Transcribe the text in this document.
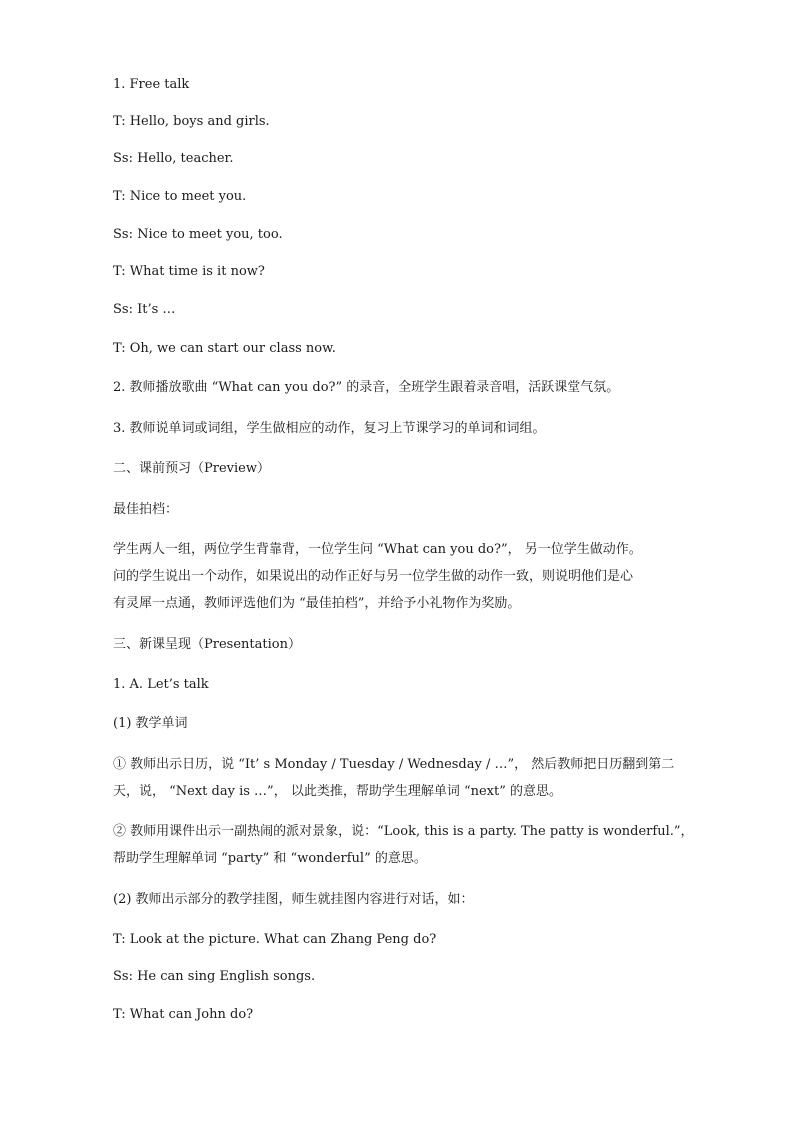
1. Free talk
T: Hello, boys and girls.
Ss: Hello, teacher.
T: Nice to meet you.
Ss: Nice to meet you, too.
T: What time is it now?
Ss: It’s …
T: Oh, we can start our class now.
2. 教师播放歌曲 “What can you do?” 的录音，全班学生跟着录音唱，活跃课堂气氛。
3. 教师说单词或词组，学生做相应的动作，复习上节课学习的单词和词组。
二、课前预习（Preview）
最佳拍档：
学生两人一组，两位学生背靠背，一位学生问 “What can you do?”， 另一位学生做动作。
问的学生说出一个动作，如果说出的动作正好与另一位学生做的动作一致，则说明他们是心
有灵犀一点通，教师评选他们为 “最佳拍档”，并给予小礼物作为奖励。
三、新课呈现（Presentation）
1. A. Let’s talk
(1) 教学单词
① 教师出示日历，说 “It’ s Monday / Tuesday / Wednesday / …”， 然后教师把日历翻到第二
天，说， “Next day is …”， 以此类推，帮助学生理解单词 “next” 的意思。
② 教师用课件出示一副热闹的派对景象，说：“Look, this is a party. The patty is wonderful.”，
帮助学生理解单词 “party” 和 “wonderful” 的意思。
(2) 教师出示部分的教学挂图，师生就挂图内容进行对话，如：
T: Look at the picture. What can Zhang Peng do?
Ss: He can sing English songs.
T: What can John do?
